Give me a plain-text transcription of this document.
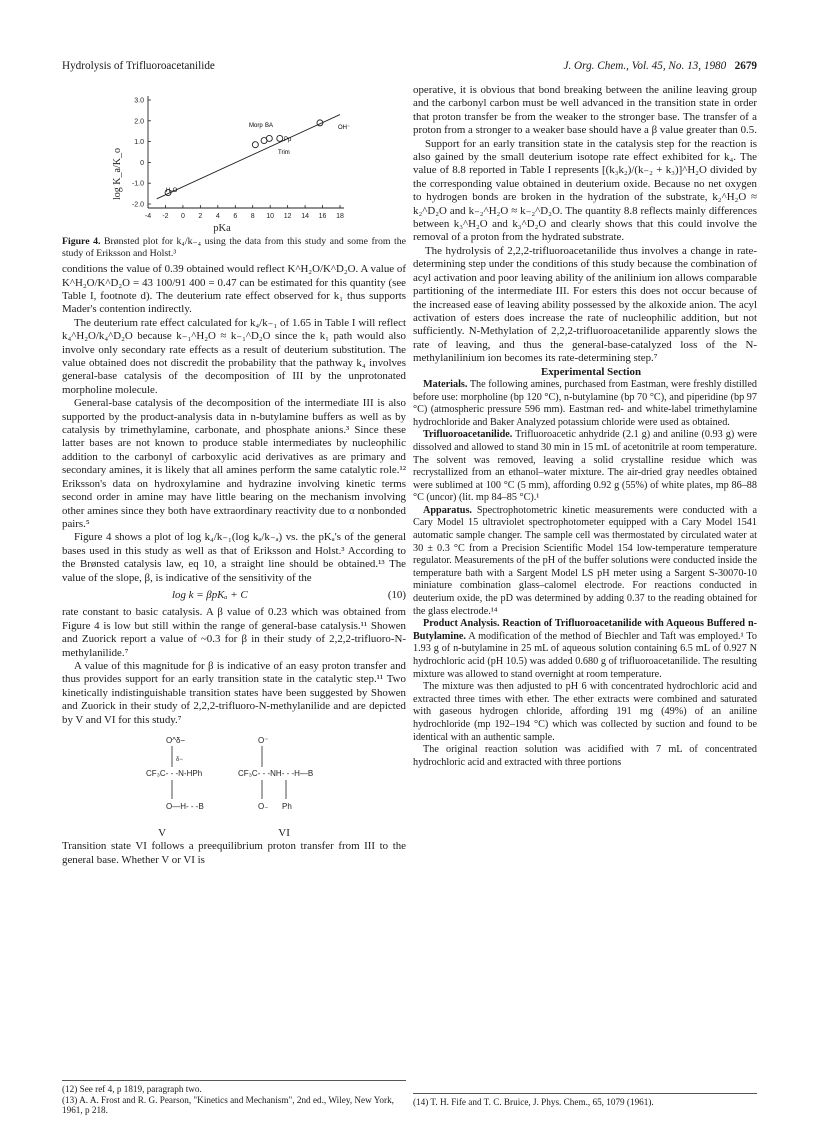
Hydrolysis of Trifluoroacetanilide	J. Org. Chem., Vol. 45, No. 13, 1980 2679
3.0
2.0
1.0
0
-1.0
-2.0
-4 -2 0 2 4 6 8 10 12 14 16 18
log K_a/K_o
pKa
H₂O
Morp BA
Pp
Trim
OH⁻
Figure 4. Brønsted plot for k₄/k₋₄ using the data from this study and some from the study of Eriksson and Holst.³

conditions the value of 0.39 obtained would reflect K^H₂O/K^D₂O. A value of K^H₂O/K^D₂O = 43 100/91 400 = 0.47 can be estimated for this quantity (see Table I, footnote d). The deuterium rate effect observed for k₁ thus supports Mader's contention indirectly.

The deuterium rate effect calculated for k₄/k₋₁ of 1.65 in Table I will reflect k₄^H₂O/k₄^D₂O because k₋₁^H₂O ≈ k₋₁^D₂O since the k₁ path would also involve only secondary rate effects as a result of deuterium substitution. The value obtained does not discredit the probability that the pathway k₄ involves general-base catalysis of the decomposition of III by the unprotonated morpholine molecule.

General-base catalysis of the decomposition of the intermediate III is also supported by the product-analysis data in n-butylamine buffers as well as by catalysis by trimethylamine, carbonate, and phosphate anions.³ Since these latter bases are not known to produce stable intermediates by nucleophilic addition to the carbonyl of carboxylic acid derivatives as are primary and secondary amines, it is likely that all amines perform the same catalytic role.¹² Eriksson's data on hydroxylamine and hydrazine involving kinetic terms second order in amine may have little bearing on the mechanism involving other amines since they both have extraordinary reactivity due to α nonbonded pairs.⁵

Figure 4 shows a plot of log k₄/k₋₁(log kₐ/k₋ₐ) vs. the pKₐ's of the general bases used in this study as well as that of Eriksson and Holst.³ According to the Brønsted catalysis law, eq 10, a straight line should be obtained.¹³ The value of the slope, β, is indicative of the sensitivity of the

log k = βpKₐ + C	(10)

rate constant to basic catalysis. A β value of 0.23 which was obtained from Figure 4 is low but still within the range of general-base catalysis.¹¹ Showen and Zuorick report a value of ~0.3 for β in their study of 2,2,2-trifluoro-N-methylanilide.⁷

A value of this magnitude for β is indicative of an easy proton transfer and thus provides support for an early transition state in the catalytic step.¹¹ Two kinetically indistinguishable transition states have been suggested by Showen and Zuorick in their study of 2,2,2-trifluoro-N-methylanilide and are depicted by V and VI for this study.⁷

O^δ−
δ−
CF₃C- - -N-HPh
O—H- - -B
O⁻
CF₃C- - -NH- - -H—B
O₋ Ph
V	VI

Transition state VI follows a preequilibrium proton transfer from III to the general base. Whether V or VI is

(12) See ref 4, p 1819, paragraph two.
(13) A. A. Frost and R. G. Pearson, "Kinetics and Mechanism", 2nd ed., Wiley, New York, 1961, p 218.

operative, it is obvious that bond breaking between the aniline leaving group and the carbonyl carbon must be well advanced in the transition state in order that proton transfer be from the weaker to the stronger base. The transfer of a proton from a stronger to a weaker base should have a β value greater than 0.5.

Support for an early transition state in the catalysis step for the reaction is also gained by the small deuterium isotope rate effect exhibited for k₄. The value of 8.8 reported in Table I represents [(k₃k₂)/(k₋₂ + k₃)]^H₂O divided by the corresponding value obtained in deuterium oxide. Because no net oxygen to hydrogen bonds are broken in the hydration of the substrate, k₂^H₂O ≈ k₂^D₂O and k₋₂^H₂O ≈ k₋₂^D₂O. The quantity 8.8 reflects mainly differences between k₃^H₂O and k₃^D₂O and clearly shows that this could involve the removal of a proton from the hydrated substrate.

The hydrolysis of 2,2,2-trifluoroacetanilide thus involves a change in rate-determining step under the conditions of this study because the combination of acyl activation and poor leaving ability of the anilinium ion allows comparable partitioning of the intermediate III. For esters this does not occur because of the increased ease of leaving ability possessed by the alkoxide anion. The acyl activation of esters does increase the rate of nucleophilic addition, but not sufficiently. N-Methylation of 2,2,2-trifluoroacetanilide apparently slows the rate of leaving, and thus the general-base-catalyzed loss of the N-methylanilinium ion becomes its rate-determining step.⁷

Experimental Section

Materials. The following amines, purchased from Eastman, were freshly distilled before use: morpholine (bp 120 °C), n-butylamine (bp 70 °C), and piperidine (bp 97 °C) (atmospheric pressure 596 mm). Eastman red- and white-label trimethylamine hydrochloride and Baker Analyzed potassium chloride were used as obtained.

Trifluoroacetanilide. Trifluoroacetic anhydride (2.1 g) and aniline (0.93 g) were dissolved and allowed to stand 30 min in 15 mL of acetonitrile at room temperature. The solvent was removed, leaving a solid crystalline residue which was recrystallized from an ethanol–water mixture. The air-dried gray needles obtained were sublimed at 100 °C (5 mm), affording 0.92 g (55%) of white plates, mp 86–88 °C (uncor) (lit. mp 84–85 °C).¹

Apparatus. Spectrophotometric kinetic measurements were conducted with a Cary Model 15 ultraviolet spectrophotometer equipped with a Cary Model 1541 automatic sample changer. The sample cell was thermostated by circulated water at 30 ± 0.3 °C from a Precision Scientific Model 154 low-temperature temperature regulator. Measurements of the pH of the buffer solutions were conducted inside the temperature bath with a Sargent Model LS pH meter using a Sargent S-30070-10 miniature combination glass–calomel electrode. For reactions conducted in deuterium oxide, the pD was determined by adding 0.37 to the reading obtained for the glass electrode.¹⁴

Product Analysis. Reaction of Trifluoroacetanilide with Aqueous Buffered n-Butylamine. A modification of the method of Biechler and Taft was employed.¹ To 1.93 g of n-butylamine in 25 mL of aqueous solution containing 6.5 mL of 0.927 N hydrochloric acid (pH 10.5) was added 0.680 g of trifluoroacetanilide. The resulting mixture was allowed to stand overnight at room temperature.

The mixture was then adjusted to pH 6 with concentrated hydrochloric acid and extracted three times with ether. The ether extracts were combined and saturated with gaseous hydrogen chloride, affording 191 mg (49%) of an aniline hydrochloride (mp 192–194 °C) which was collected by suction and found to be identical with an authentic sample.

The original reaction solution was acidified with 7 mL of concentrated hydrochloric acid and extracted with three portions

(14) T. H. Fife and T. C. Bruice, J. Phys. Chem., 65, 1079 (1961).
